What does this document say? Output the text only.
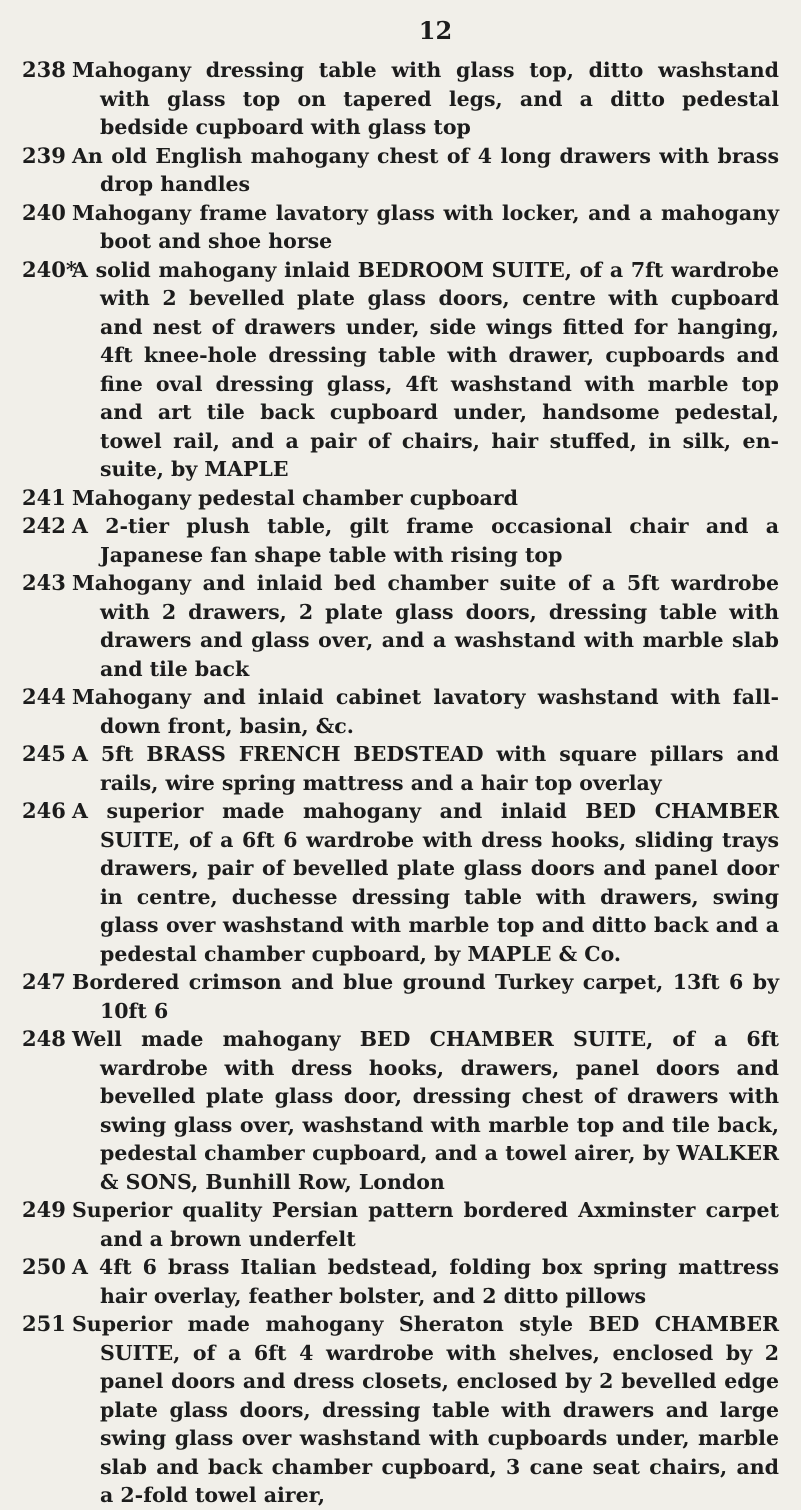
12
238 Mahogany dressing table with glass top, ditto washstand with glass top on tapered legs, and a ditto pedestal bedside cupboard with glass top
239 An old English mahogany chest of 4 long drawers with brass drop handles
240 Mahogany frame lavatory glass with locker, and a mahogany boot and shoe horse
240*
A solid mahogany inlaid BEDROOM SUITE, of a 7ft wardrobe with 2 bevelled plate glass doors, centre with cupboard and nest of drawers under, side wings fitted for hanging, 4ft knee-hole dressing table with drawer, cupboards and fine oval dressing glass, 4ft washstand with marble top and art tile back cupboard under, handsome pedestal, towel rail, and a pair of chairs, hair stuffed, in silk, en-suite, by MAPLE
241 Mahogany pedestal chamber cupboard
242 A 2-tier plush table, gilt frame occasional chair and a Japanese fan shape table with rising top
243 Mahogany and inlaid bed chamber suite of a 5ft wardrobe with 2 drawers, 2 plate glass doors, dressing table with drawers and glass over, and a washstand with marble slab and tile back
244 Mahogany and inlaid cabinet lavatory washstand with fall-down front, basin, &c.
245 A 5ft BRASS FRENCH BEDSTEAD with square pillars and rails, wire spring mattress and a hair top overlay
246 A superior made mahogany and inlaid BED CHAMBER SUITE, of a 6ft 6 wardrobe with dress hooks, sliding trays drawers, pair of bevelled plate glass doors and panel door in centre, duchesse dressing table with drawers, swing glass over washstand with marble top and ditto back and a pedestal chamber cupboard, by MAPLE & Co.
247 Bordered crimson and blue ground Turkey carpet, 13ft 6 by 10ft 6
248 Well made mahogany BED CHAMBER SUITE, of a 6ft wardrobe with dress hooks, drawers, panel doors and bevelled plate glass door, dressing chest of drawers with swing glass over, washstand with marble top and tile back, pedestal chamber cupboard, and a towel airer, by WALKER & SONS, Bunhill Row, London
249 Superior quality Persian pattern bordered Axminster carpet and a brown underfelt
250 A 4ft 6 brass Italian bedstead, folding box spring mattress hair overlay, feather bolster, and 2 ditto pillows
251 Superior made mahogany Sheraton style BED CHAMBER SUITE, of a 6ft 4 wardrobe with shelves, enclosed by 2 panel doors and dress closets, enclosed by 2 bevelled edge plate glass doors, dressing table with drawers and large swing glass over washstand with cupboards under, marble slab and back chamber cupboard, 3 cane seat chairs, and a 2-fold towel airer,
